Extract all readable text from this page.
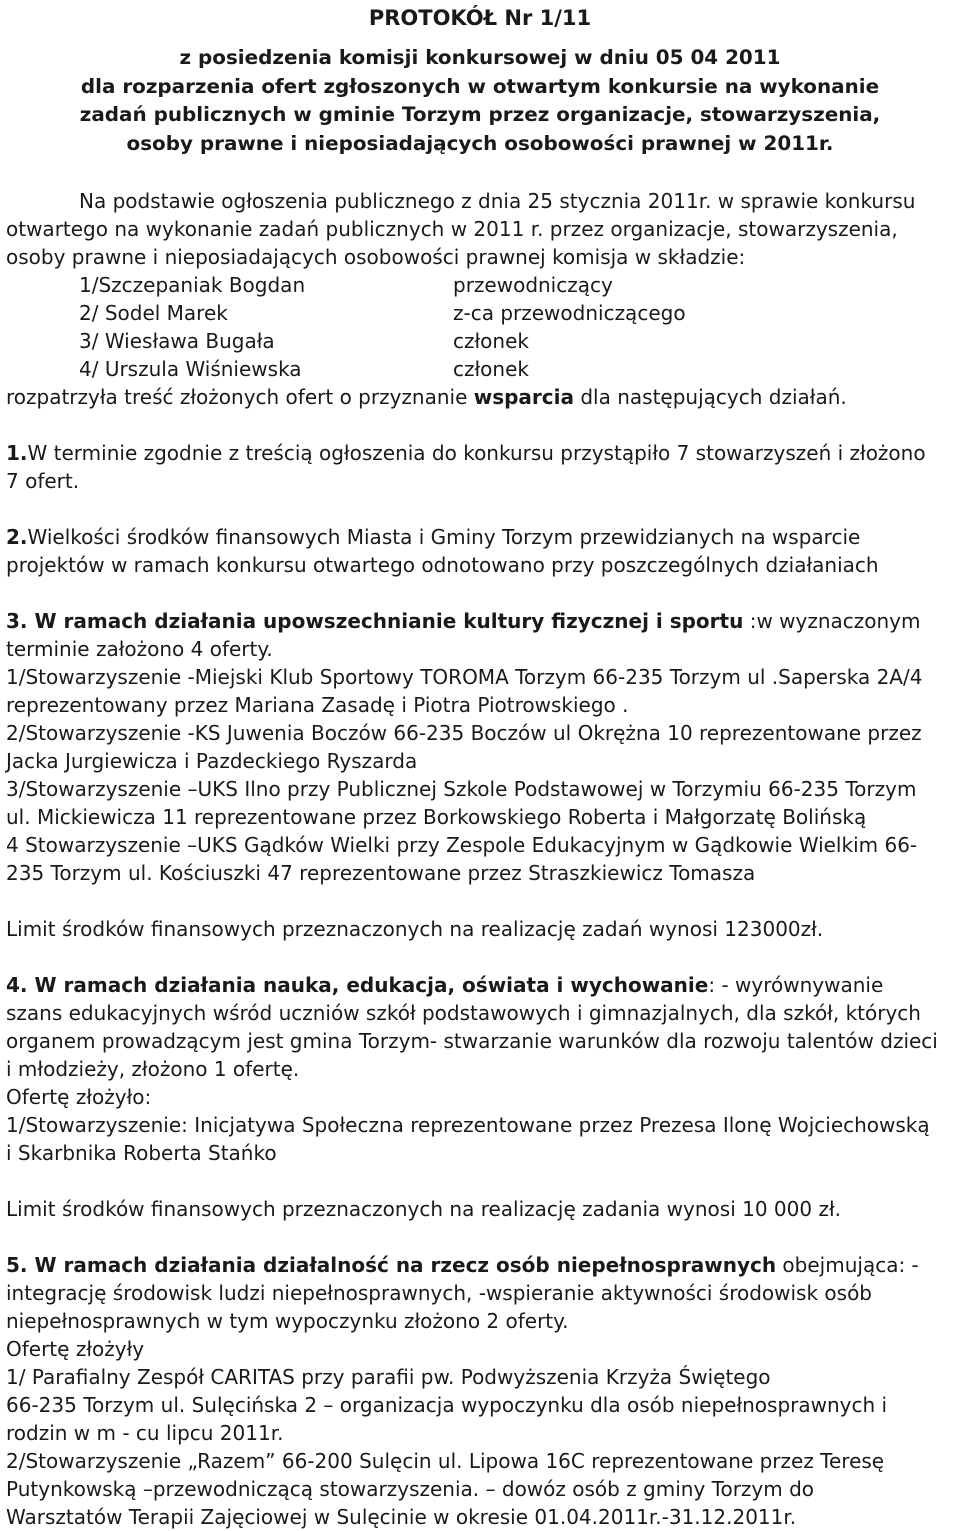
PROTOKÓŁ Nr 1/11
z posiedzenia komisji konkursowej w dniu 05 04 2011
dla rozparzenia ofert zgłoszonych w otwartym konkursie na wykonanie
zadań publicznych w gminie Torzym przez organizacje, stowarzyszenia,
osoby prawne i nieposiadających osobowości prawnej w 2011r.
Na podstawie ogłoszenia publicznego z dnia 25 stycznia 2011r. w sprawie konkursu
otwartego na wykonanie zadań publicznych w 2011 r. przez organizacje, stowarzyszenia,
osoby prawne i nieposiadających osobowości prawnej komisja w składzie:
1/Szczepaniak Bogdan	przewodniczący
2/ Sodel Marek	z-ca przewodniczącego
3/ Wiesława Bugała	członek
4/ Urszula Wiśniewska	członek
rozpatrzyła treść złożonych ofert o przyznanie wsparcia dla następujących działań.
1.W terminie zgodnie z treścią ogłoszenia do konkursu przystąpiło 7 stowarzyszeń i złożono
7 ofert.
2.Wielkości środków finansowych Miasta i Gminy Torzym przewidzianych na wsparcie
projektów w ramach konkursu otwartego odnotowano przy poszczególnych działaniach
3. W ramach działania upowszechnianie kultury fizycznej i sportu :w wyznaczonym
terminie założono 4 oferty.
1/Stowarzyszenie -Miejski Klub Sportowy TOROMA Torzym 66-235 Torzym ul .Saperska 2A/4
reprezentowany przez Mariana Zasadę i Piotra Piotrowskiego .
2/Stowarzyszenie -KS Juwenia Boczów 66-235 Boczów ul Okrężna 10 reprezentowane przez
Jacka Jurgiewicza i Pazdeckiego Ryszarda
3/Stowarzyszenie –UKS Ilno przy Publicznej Szkole Podstawowej w Torzymiu 66-235 Torzym
ul. Mickiewicza 11 reprezentowane przez Borkowskiego Roberta i Małgorzatę Bolińską
4 Stowarzyszenie –UKS Gądków Wielki przy Zespole Edukacyjnym w Gądkowie Wielkim 66-
235 Torzym ul. Kościuszki 47 reprezentowane przez Straszkiewicz Tomasza
Limit środków finansowych przeznaczonych na realizację zadań wynosi 123000zł.
4. W ramach działania nauka, edukacja, oświata i wychowanie: - wyrównywanie
szans edukacyjnych wśród uczniów szkół podstawowych i gimnazjalnych, dla szkół, których
organem prowadzącym jest gmina Torzym- stwarzanie warunków dla rozwoju talentów dzieci
i młodzieży, złożono 1 ofertę.
Ofertę złożyło:
1/Stowarzyszenie: Inicjatywa Społeczna reprezentowane przez Prezesa Ilonę Wojciechowską
i Skarbnika Roberta Stańko
Limit środków finansowych przeznaczonych na realizację zadania wynosi 10 000 zł.
5. W ramach działania działalność na rzecz osób niepełnosprawnych obejmująca: -
integrację środowisk ludzi niepełnosprawnych, -wspieranie aktywności środowisk osób
niepełnosprawnych w tym wypoczynku złożono 2 oferty.
Ofertę złożyły
1/ Parafialny Zespół CARITAS przy parafii pw. Podwyższenia Krzyża Świętego
66-235 Torzym ul. Sulęcińska 2 – organizacja wypoczynku dla osób niepełnosprawnych i
rodzin w m - cu lipcu 2011r.
2/Stowarzyszenie „Razem” 66-200 Sulęcin ul. Lipowa 16C reprezentowane przez Teresę
Putynkowską –przewodniczącą stowarzyszenia. – dowóz osób z gminy Torzym do
Warsztatów Terapii Zajęciowej w Sulęcinie w okresie 01.04.2011r.-31.12.2011r.
